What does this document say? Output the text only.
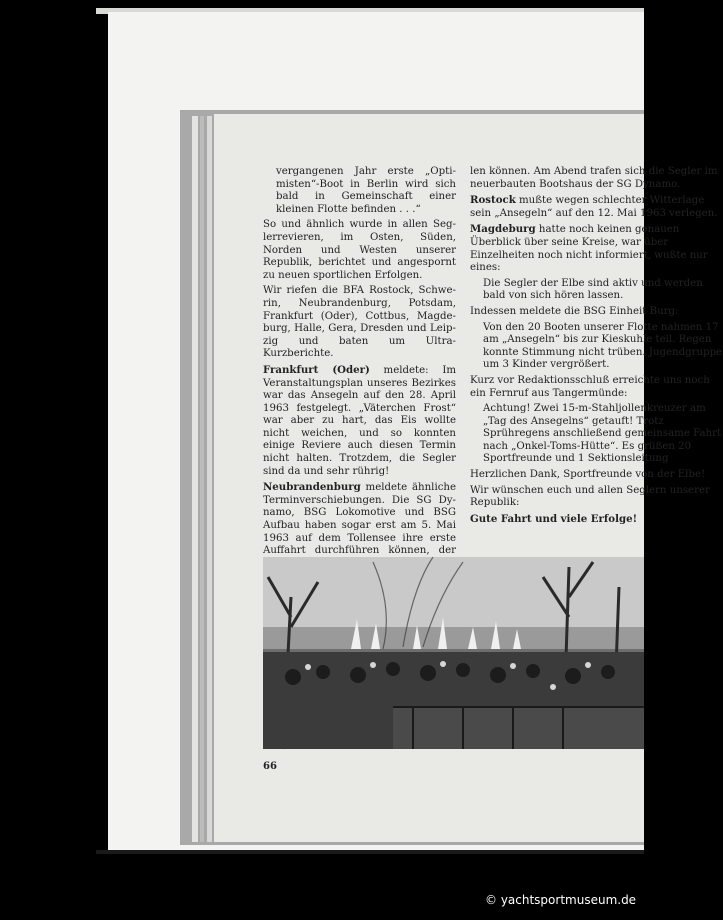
vergangenen Jahr erste „Optimisten“-Boot in Berlin wird sich bald in Gemeinschaft einer kleinen Flotte befinden . . .“

So und ähnlich wurde in allen Seglerrevieren, im Osten, Süden, Norden und Westen unserer Republik, berichtet und angespornt zu neuen sportlichen Erfolgen.

Wir riefen die BFA Rostock, Schwerin, Neubrandenburg, Potsdam, Frankfurt (Oder), Cottbus, Magdeburg, Halle, Gera, Dresden und Leipzig und baten um Ultra-Kurzberichte.

Frankfurt (Oder) meldete: Im Veranstaltungsplan unseres Bezirkes war das Ansegeln auf den 28. April 1963 festgelegt. „Väterchen Frost“ war aber zu hart, das Eis wollte nicht weichen, und so konnten einige Reviere auch diesen Termin nicht halten. Trotzdem, die Segler sind da und sehr rührig!

Neubrandenburg meldete ähnliche Terminverschiebungen. Die SG Dynamo, BSG Lokomotive und BSG Aufbau haben sogar erst am 5. Mai 1963 auf dem Tollensee ihre erste Auffahrt durchführen können, der

len können. Am Abend trafen sich die Segler im neuerbauten Bootshaus der SG Dynamo.

Rostock mußte wegen schlechter Witterlage sein „Ansegeln“ auf den 12. Mai 1963 verlegen.

Magdeburg hatte noch keinen genauen Überblick über seine Kreise, war über Einzelheiten noch nicht informiert, wußte nur eines:

Die Segler der Elbe sind aktiv und werden bald von sich hören lassen.

Indessen meldete die BSG Einheit Burg:

Von den 20 Booten unserer Flotte nahmen 17 am „Ansegeln“ bis zur Kieskuhle teil. Regen konnte Stimmung nicht trüben. Jugendgruppe um 3 Kinder vergrößert.

Kurz vor Redaktionsschluß erreichte uns noch ein Fernruf aus Tangermünde:

Achtung! Zwei 15-m-Stahljollenkreuzer am „Tag des Ansegelns“ getauft! Trotz Sprühregens anschließend gemeinsame Fahrt nach „Onkel-Toms-Hütte“. Es grüßen 20 Sportfreunde und 1 Sektionsleitung

Herzlichen Dank, Sportfreunde von der Elbe!

Wir wünschen euch und allen Seglern unserer Republik:

Gute Fahrt und viele Erfolge!

66
© yachtsportmuseum.de
